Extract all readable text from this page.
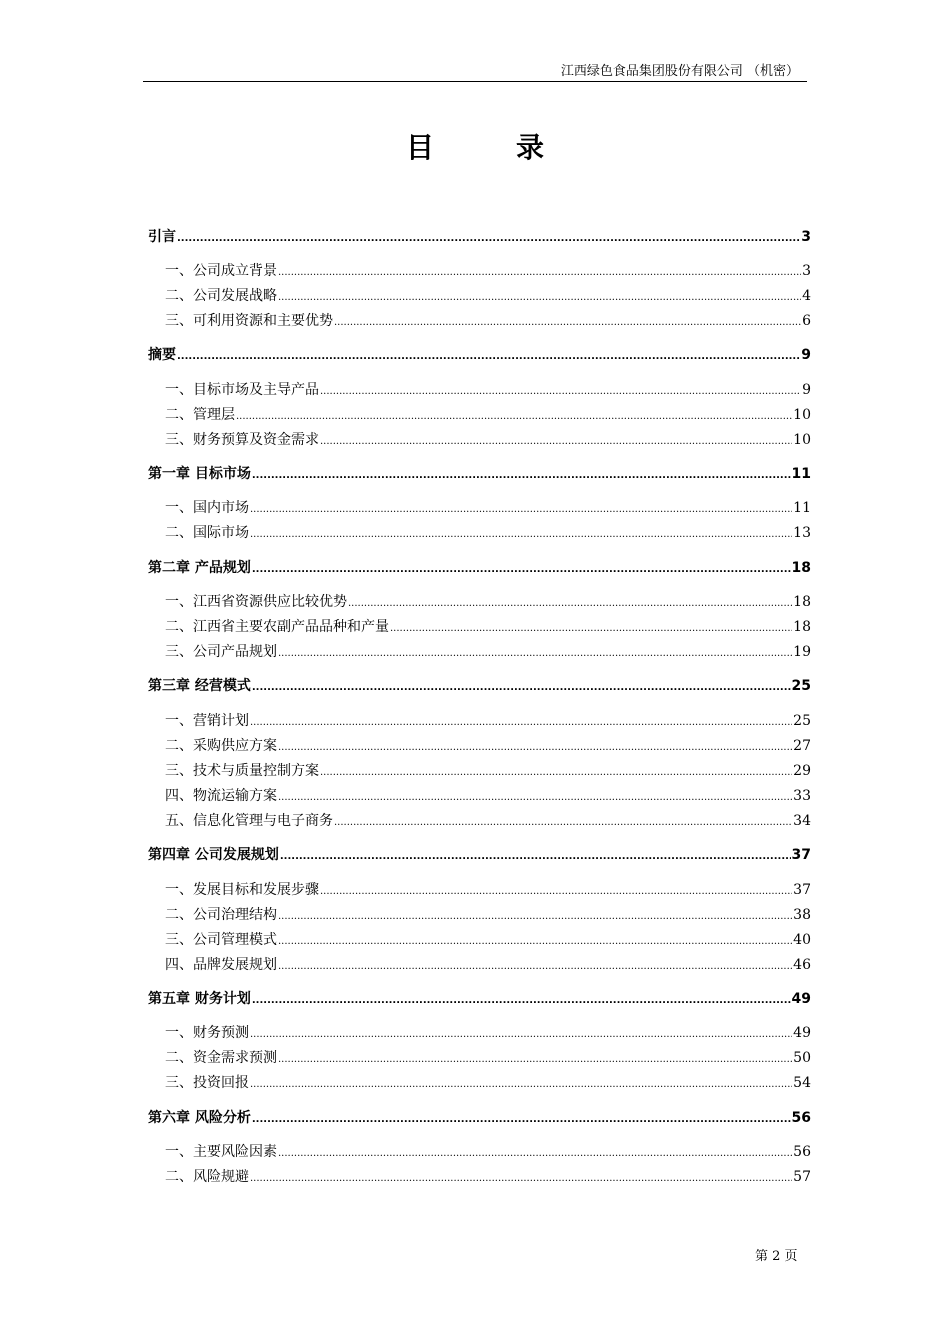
江西绿色食品集团股份有限公司 （机密）
目	录
引言 .....	3
一、公司成立背景 .....	3
二、公司发展战略 .....	4
三、可利用资源和主要优势 .....	6
摘要 .....	9
一、目标市场及主导产品 .....	9
二、管理层 .....	10
三、财务预算及资金需求 .....	10
第一章 目标市场 .....	11
一、国内市场 .....	11
二、国际市场 .....	13
第二章 产品规划 .....	18
一、江西省资源供应比较优势 .....	18
二、江西省主要农副产品品种和产量 .....	18
三、公司产品规划 .....	19
第三章 经营模式 .....	25
一、营销计划 .....	25
二、采购供应方案 .....	27
三、技术与质量控制方案 .....	29
四、物流运输方案 .....	33
五、信息化管理与电子商务 .....	34
第四章 公司发展规划 .....	37
一、发展目标和发展步骤 .....	37
二、公司治理结构 .....	38
三、公司管理模式 .....	40
四、品牌发展规划 .....	46
第五章 财务计划 .....	49
一、财务预测 .....	49
二、资金需求预测 .....	50
三、投资回报 .....	54
第六章 风险分析 .....	56
一、主要风险因素 .....	56
二、风险规避 .....	57
第 2 页
